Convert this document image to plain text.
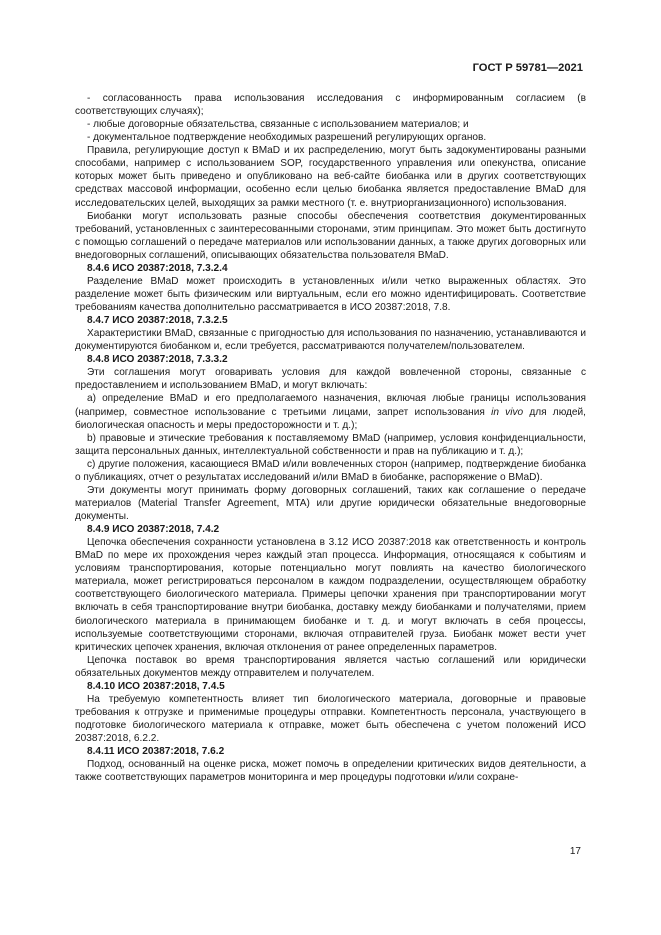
ГОСТ Р 59781—2021

- согласованность права использования исследования с информированным согласием (в соответствующих случаях);

- любые договорные обязательства, связанные с использованием материалов; и

- документальное подтверждение необходимых разрешений регулирующих органов.

Правила, регулирующие доступ к BMaD и их распределению, могут быть задокументированы разными способами, например с использованием SOP, государственного управления или опекунства, описание которых может быть приведено и опубликовано на веб-сайте биобанка или в других соответствующих средствах массовой информации, особенно если целью биобанка является предоставление BMaD для исследовательских целей, выходящих за рамки местного (т. е. внутриорганизационного) использования.

Биобанки могут использовать разные способы обеспечения соответствия документированных требований, установленных с заинтересованными сторонами, этим принципам. Это может быть достигнуто с помощью соглашений о передаче материалов или использовании данных, а также других договорных или внедоговорных соглашений, описывающих обязательства пользователя BMaD.

8.4.6 ИСО 20387:2018, 7.3.2.4

Разделение BMaD может происходить в установленных и/или четко выраженных областях. Это разделение может быть физическим или виртуальным, если его можно идентифицировать. Соответствие требованиям качества дополнительно рассматривается в ИСО 20387:2018, 7.8.

8.4.7 ИСО 20387:2018, 7.3.2.5

Характеристики BMaD, связанные с пригодностью для использования по назначению, устанавливаются и документируются биобанком и, если требуется, рассматриваются получателем/пользователем.

8.4.8 ИСО 20387:2018, 7.3.3.2

Эти соглашения могут оговаривать условия для каждой вовлеченной стороны, связанные с предоставлением и использованием BMaD, и могут включать:

а) определение BMaD и его предполагаемого назначения, включая любые границы использования (например, совместное использование с третьими лицами, запрет использования in vivo для людей, биологическая опасность и меры предосторожности и т. д.);

b) правовые и этические требования к поставляемому BMaD (например, условия конфиденциальности, защита персональных данных, интеллектуальной собственности и прав на публикацию и т. д.);

с) другие положения, касающиеся BMaD и/или вовлеченных сторон (например, подтверждение биобанка о публикациях, отчет о результатах исследований и/или BMaD в биобанке, распоряжение о BMaD).

Эти документы могут принимать форму договорных соглашений, таких как соглашение о передаче материалов (Material Transfer Agreement, MTA) или другие юридически обязательные внедоговорные документы.

8.4.9 ИСО 20387:2018, 7.4.2

Цепочка обеспечения сохранности установлена в 3.12 ИСО 20387:2018 как ответственность и контроль BMaD по мере их прохождения через каждый этап процесса. Информация, относящаяся к событиям и условиям транспортирования, которые потенциально могут повлиять на качество биологического материала, может регистрироваться персоналом в каждом подразделении, осуществляющем обработку соответствующего биологического материала. Примеры цепочки хранения при транспортировании могут включать в себя транспортирование внутри биобанка, доставку между биобанками и получателями, прием биологического материала в принимающем биобанке и т. д. и могут включать в себя процессы, используемые соответствующими сторонами, включая отправителей груза. Биобанк может вести учет критических цепочек хранения, включая отклонения от ранее определенных параметров.

Цепочка поставок во время транспортирования является частью соглашений или юридически обязательных документов между отправителем и получателем.

8.4.10 ИСО 20387:2018, 7.4.5

На требуемую компетентность влияет тип биологического материала, договорные и правовые требования к отгрузке и применимые процедуры отправки. Компетентность персонала, участвующего в подготовке биологического материала к отправке, может быть обеспечена с учетом положений ИСО 20387:2018, 6.2.2.

8.4.11 ИСО 20387:2018, 7.6.2

Подход, основанный на оценке риска, может помочь в определении критических видов деятельности, а также соответствующих параметров мониторинга и мер процедуры подготовки и/или сохране-

17
